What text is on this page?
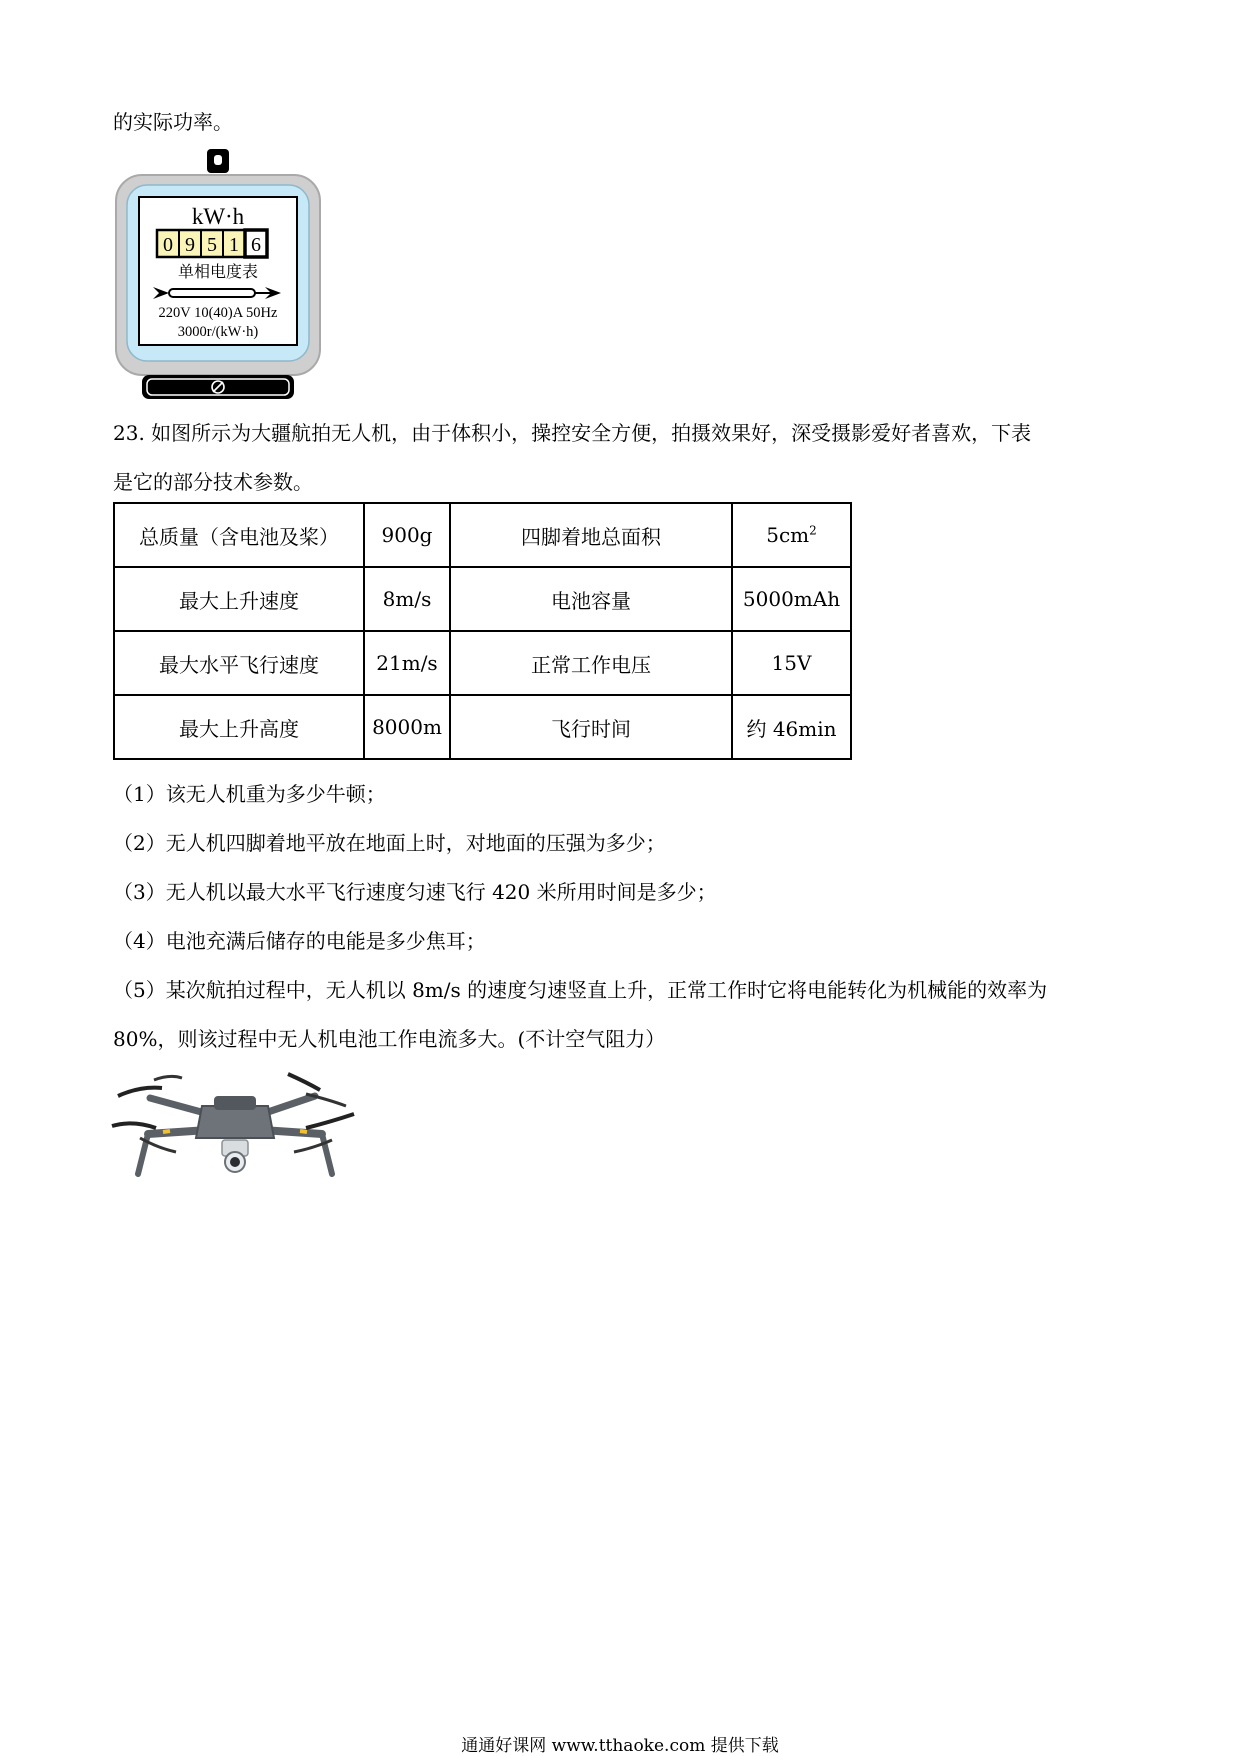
的实际功率。
kW·h
0 9 5 1 6
单相电度表
220V 10(40)A 50Hz
3000r/(kW·h)
23. 如图所示为大疆航拍无人机，由于体积小，操控安全方便，拍摄效果好，深受摄影爱好者喜欢，下表
是它的部分技术参数。
总质量（含电池及桨）	900g	四脚着地总面积	$5cm^2$
最大上升速度	8m/s	电池容量	5000mAh
最大水平飞行速度	21m/s	正常工作电压	15V
最大上升高度	8000m	飞行时间	约 46min
（1）该无人机重为多少牛顿；
（2）无人机四脚着地平放在地面上时，对地面的压强为多少；
（3）无人机以最大水平飞行速度匀速飞行 420 米所用时间是多少；
（4）电池充满后储存的电能是多少焦耳；
（5）某次航拍过程中，无人机以 8m/s 的速度匀速竖直上升，正常工作时它将电能转化为机械能的效率为
80%，则该过程中无人机电池工作电流多大。(不计空气阻力）
通通好课网 www.tthaoke.com 提供下载
